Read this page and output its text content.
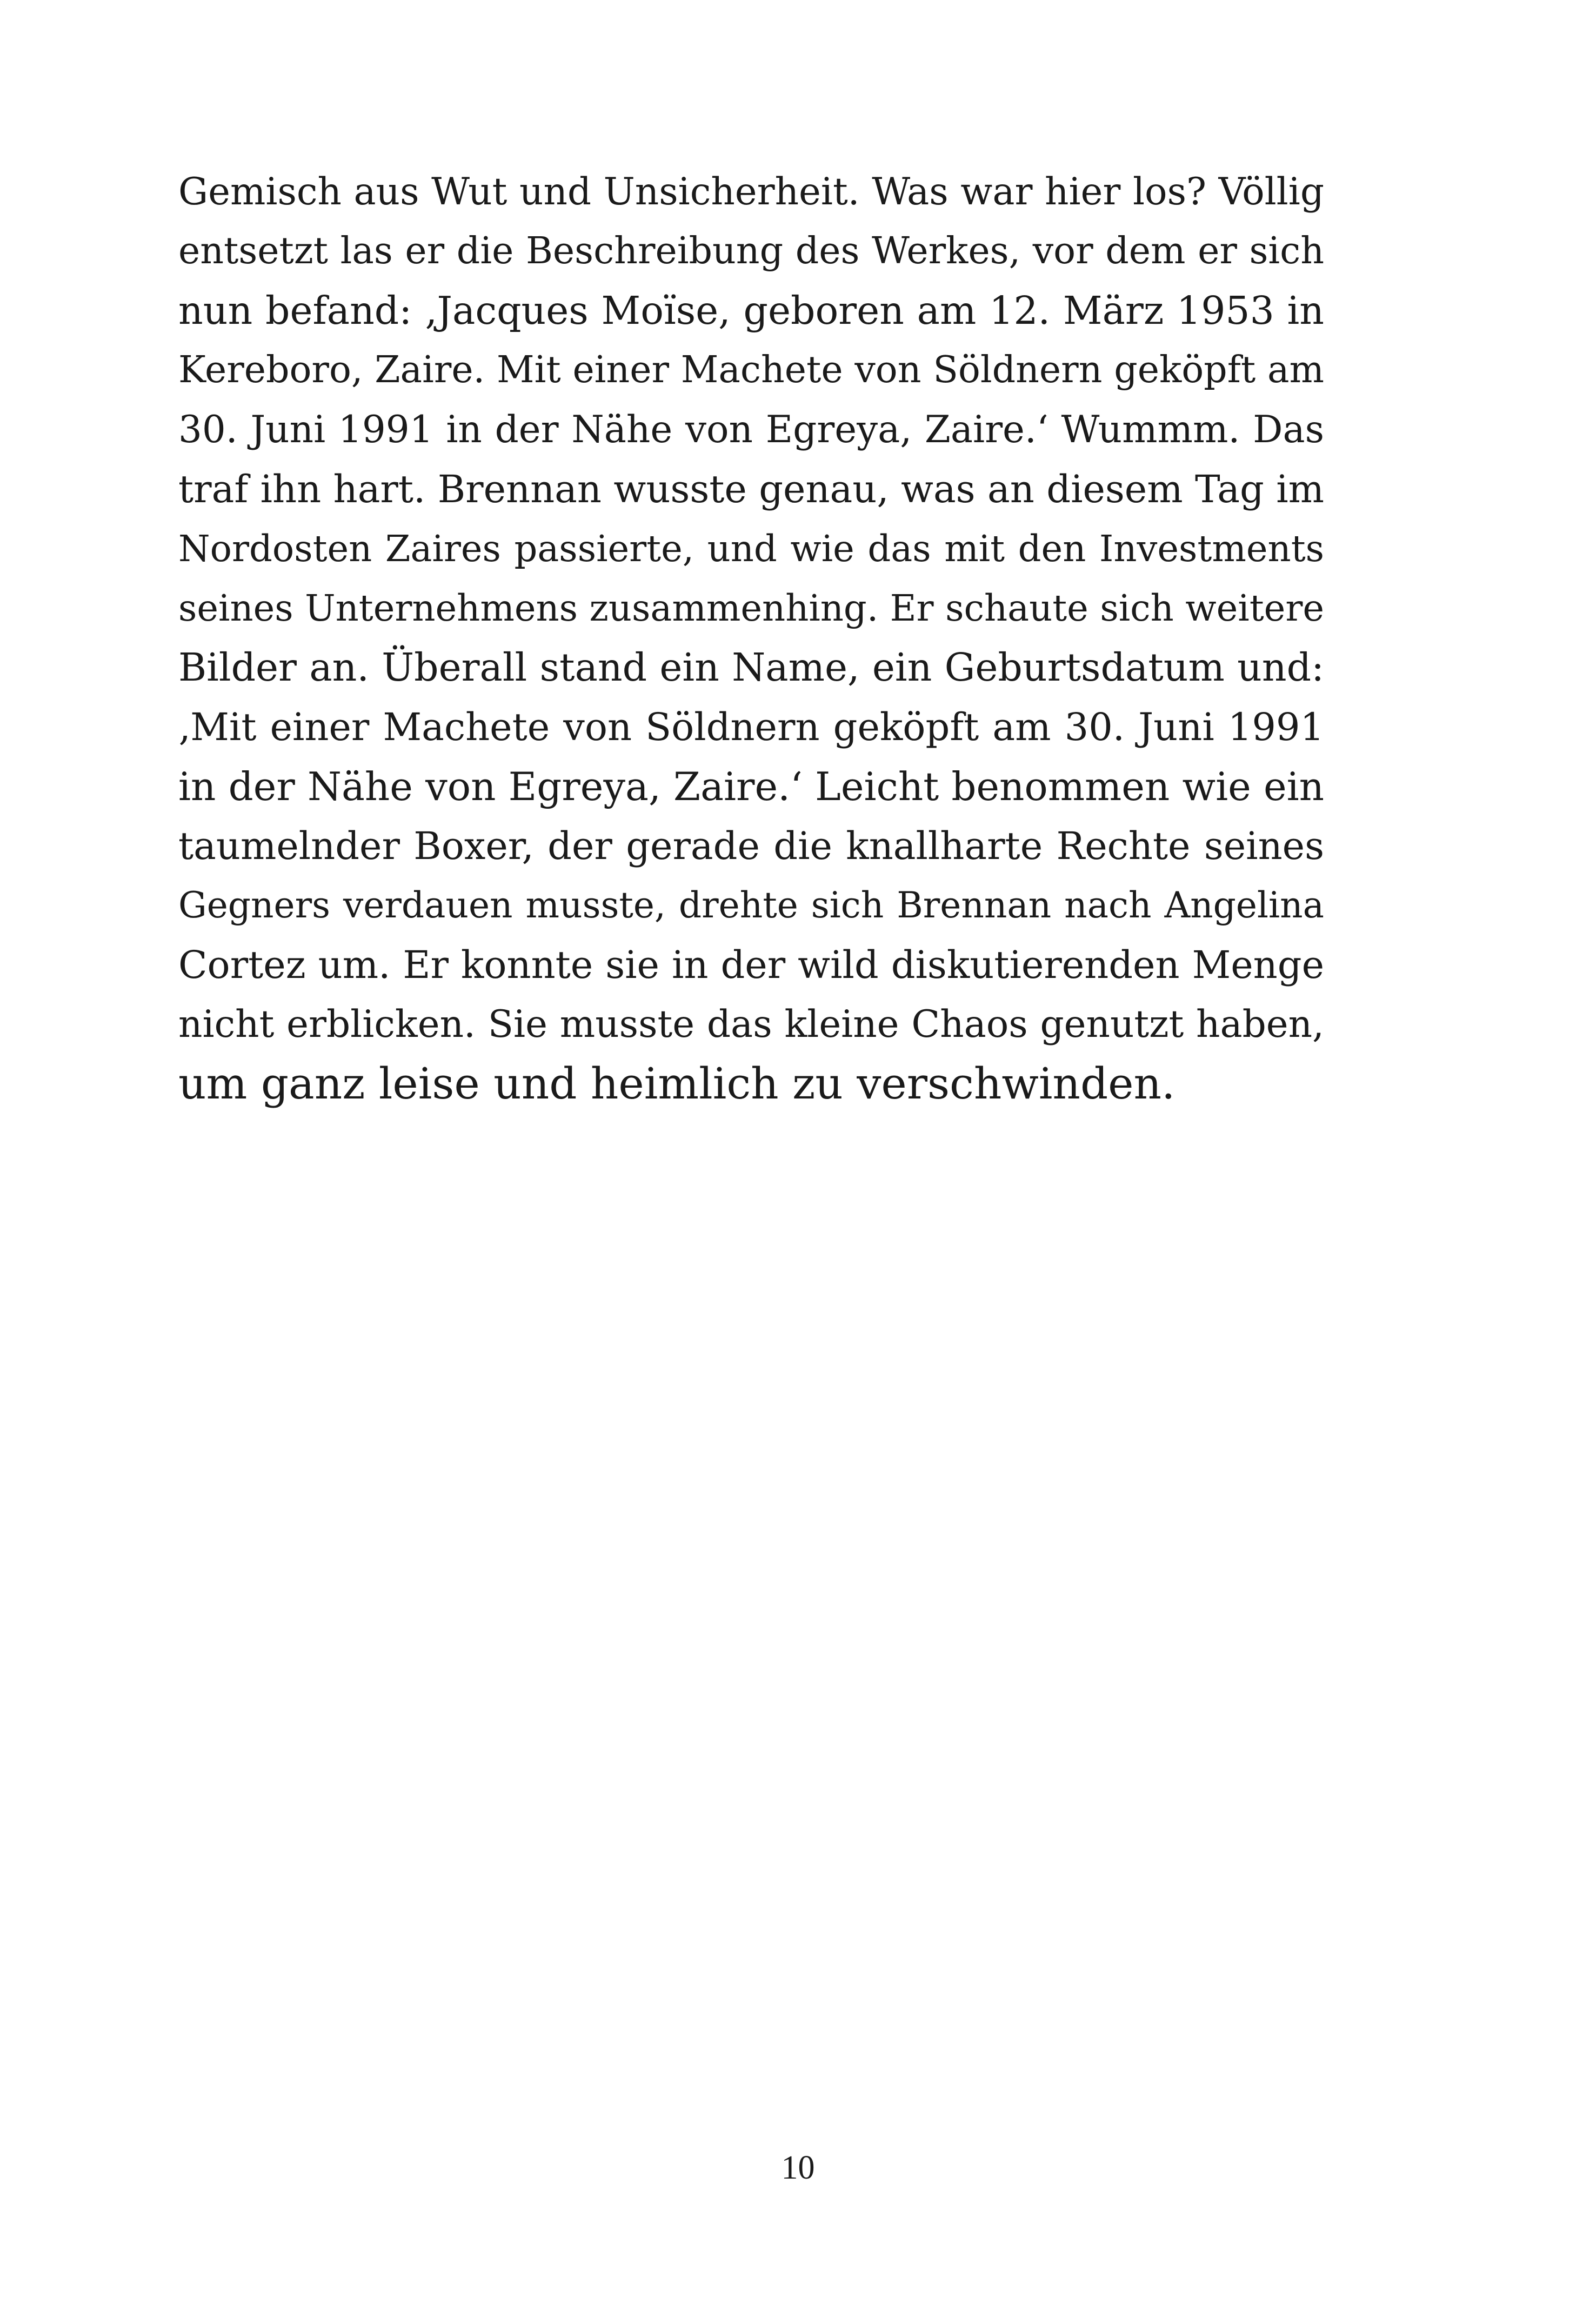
Gemisch aus Wut und Unsicherheit. Was war hier los? Völlig
entsetzt las er die Beschreibung des Werkes, vor dem er sich
nun befand: ‚Jacques Moïse, geboren am 12. März 1953 in
Kereboro, Zaire. Mit einer Machete von Söldnern geköpft am
30. Juni 1991 in der Nähe von Egreya, Zaire.‘ Wummm. Das
traf ihn hart. Brennan wusste genau, was an diesem Tag im
Nordosten Zaires passierte, und wie das mit den Investments
seines Unternehmens zusammenhing. Er schaute sich weitere
Bilder an. Überall stand ein Name, ein Geburtsdatum und:
‚Mit einer Machete von Söldnern geköpft am 30. Juni 1991
in der Nähe von Egreya, Zaire.‘ Leicht benommen wie ein
taumelnder Boxer, der gerade die knallharte Rechte seines
Gegners verdauen musste, drehte sich Brennan nach Angelina
Cortez um. Er konnte sie in der wild diskutierenden Menge
nicht erblicken. Sie musste das kleine Chaos genutzt haben,
um ganz leise und heimlich zu verschwinden.
10
